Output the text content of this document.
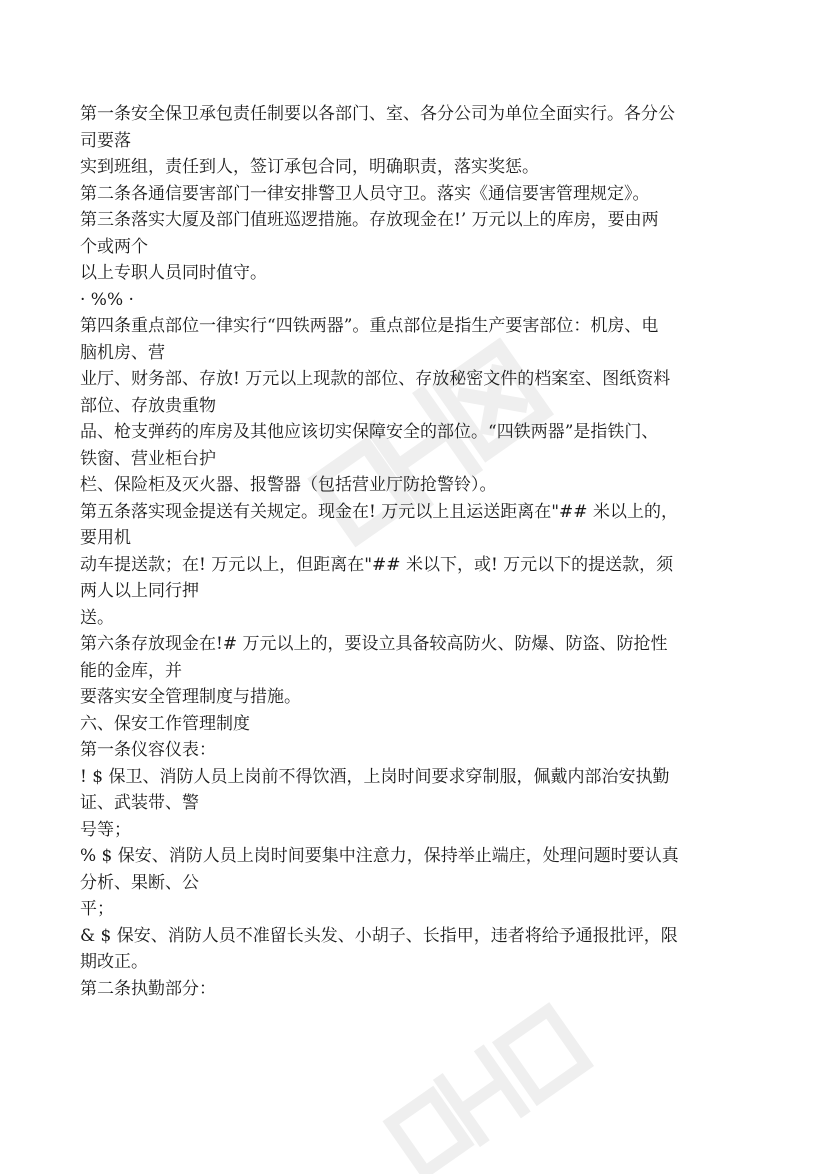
第一条安全保卫承包责任制要以各部门、室、各分公司为单位全面实行。各分公
司要落
实到班组，责任到人，签订承包合同，明确职责，落实奖惩。
第二条各通信要害部门一律安排警卫人员守卫。落实《通信要害管理规定》。
第三条落实大厦及部门值班巡逻措施。存放现金在!’ 万元以上的库房，要由两
个或两个
以上专职人员同时值守。
· %% ·
第四条重点部位一律实行“四铁两器”。重点部位是指生产要害部位：机房、电
脑机房、营
业厅、财务部、存放! 万元以上现款的部位、存放秘密文件的档案室、图纸资料
部位、存放贵重物
品、枪支弹药的库房及其他应该切实保障安全的部位。“四铁两器”是指铁门、
铁窗、营业柜台护
栏、保险柜及灭火器、报警器（包括营业厅防抢警铃）。
第五条落实现金提送有关规定。现金在! 万元以上且运送距离在"## 米以上的，
要用机
动车提送款；在! 万元以上，但距离在"## 米以下，或! 万元以下的提送款，须
两人以上同行押
送。
第六条存放现金在!# 万元以上的，要设立具备较高防火、防爆、防盗、防抢性
能的金库，并
要落实安全管理制度与措施。
六、保安工作管理制度
第一条仪容仪表：
! $ 保卫、消防人员上岗前不得饮酒，上岗时间要求穿制服，佩戴内部治安执勤
证、武装带、警
号等；
% $ 保安、消防人员上岗时间要集中注意力，保持举止端庄，处理问题时要认真
分析、果断、公
平；
& $ 保安、消防人员不准留长头发、小胡子、长指甲，违者将给予通报批评，限
期改正。
第二条执勤部分：
